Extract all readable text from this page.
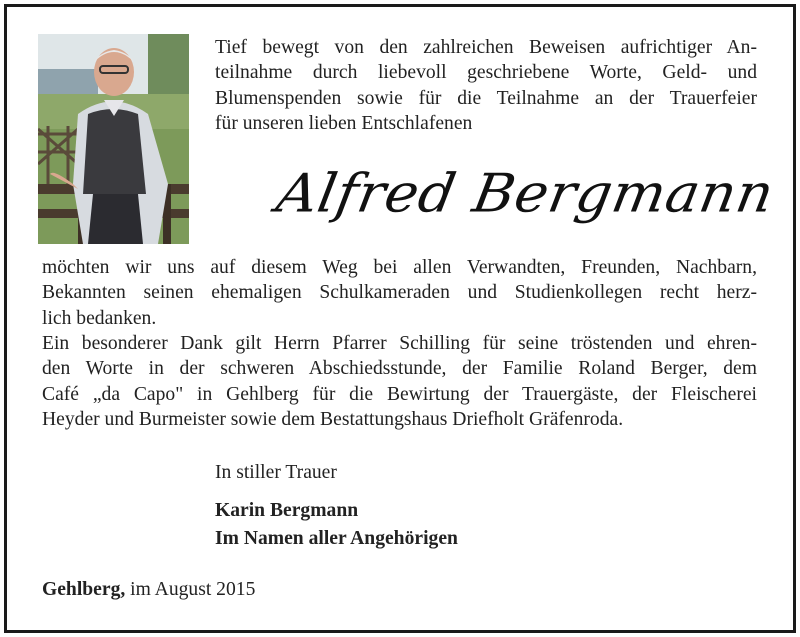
Tief bewegt von den zahlreichen Beweisen aufrichtiger An-
teilnahme durch liebevoll geschriebene Worte, Geld- und
Blumenspenden sowie für die Teilnahme an der Trauerfeier
für unseren lieben Entschlafenen
Alfred Bergmann
möchten wir uns auf diesem Weg bei allen Verwandten, Freunden, Nachbarn,
Bekannten seinen ehemaligen Schulkameraden und Studienkollegen recht herz-
lich bedanken.
Ein besonderer Dank gilt Herrn Pfarrer Schilling für seine tröstenden und ehren-
den Worte in der schweren Abschiedsstunde, der Familie Roland Berger, dem
Café „da Capo" in Gehlberg für die Bewirtung der Trauergäste, der Fleischerei
Heyder und Burmeister sowie dem Bestattungshaus Driefholt Gräfenroda.
In stiller Trauer
Karin Bergmann
Im Namen aller Angehörigen
Gehlberg, im August 2015
